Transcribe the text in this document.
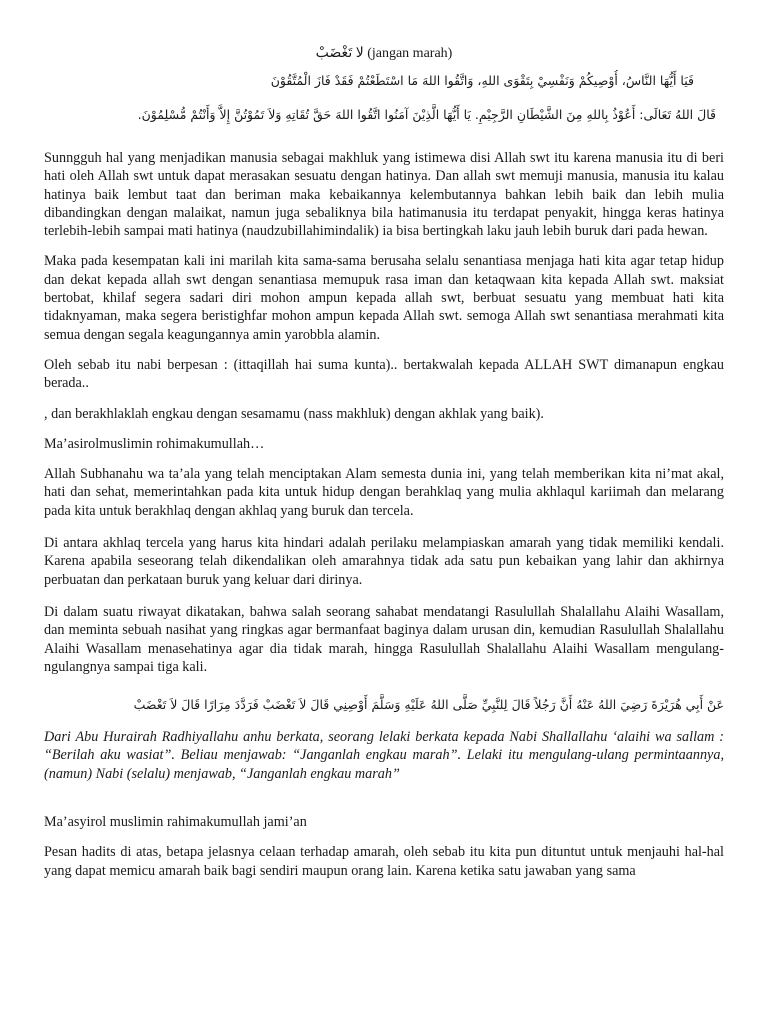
لا تَغْضَبْ (jangan marah)
فَيَا أَيُّهَا النَّاسُ، أُوْصِيكُمْ وَنَفْسِيْ بِتَقْوَى اللهِ، وَاتَّقُوا اللهَ مَا اسْتَطَعْتُمْ فَقَدْ فَازَ الْمُتَّقُوْنَ
قَالَ اللهُ تَعَالَى: أَعُوْذُ بِاللهِ مِنَ الشَّيْطَانِ الرَّجِيْمِ. يَا أَيُّهَا الَّذِيْنَ آمَنُوا اتَّقُوا اللهَ حَقَّ تُقَاتِهِ وَلاَ تَمُوْتُنَّ إِلاَّ وَأَنْتُمْ مُّسْلِمُوْنَ.

Sunngguh hal yang menjadikan manusia sebagai makhluk yang istimewa disi Allah swt itu karena manusia itu di beri hati oleh Allah swt untuk dapat merasakan sesuatu dengan hatinya. Dan allah swt memuji manusia, manusia itu kalau hatinya baik lembut taat dan beriman maka kebaikannya kelembutannya bahkan lebih baik dan lebih mulia dibandingkan dengan malaikat, namun juga sebaliknya bila hatimanusia itu terdapat penyakit, hingga keras hatinya terlebih-lebih sampai mati hatinya (naudzubillahimindalik) ia bisa bertingkah laku jauh lebih buruk dari pada hewan.

Maka pada kesempatan kali ini marilah kita sama-sama berusaha selalu senantiasa menjaga hati kita agar tetap hidup dan dekat kepada allah swt dengan senantiasa memupuk rasa iman dan ketaqwaan kita kepada Allah swt. maksiat bertobat, khilaf segera sadari diri mohon ampun kepada allah swt, berbuat sesuatu yang membuat hati kita tidaknyaman, maka segera beristighfar mohon ampun kepada Allah swt. semoga Allah swt senantiasa merahmati kita semua dengan segala keagungannya amin yarobbla alamin.

Oleh sebab itu nabi berpesan : (ittaqillah hai suma kunta).. bertakwalah kepada ALLAH SWT dimanapun engkau berada..

, dan berakhlaklah engkau dengan sesamamu (nass makhluk) dengan akhlak yang baik).

Ma’asirolmuslimin rohimakumullah…

Allah Subhanahu wa ta’ala yang telah menciptakan Alam semesta dunia ini, yang telah memberikan kita ni’mat akal, hati dan sehat, memerintahkan pada kita untuk hidup dengan berahklaq yang mulia akhlaqul kariimah dan melarang pada kita untuk berakhlaq dengan akhlaq yang buruk dan tercela.

Di antara akhlaq tercela yang harus kita hindari adalah perilaku melampiaskan amarah yang tidak memiliki kendali. Karena apabila seseorang telah dikendalikan oleh amarahnya tidak ada satu pun kebaikan yang lahir dan akhirnya perbuatan dan perkataan buruk yang keluar dari dirinya.

Di dalam suatu riwayat dikatakan, bahwa salah seorang sahabat mendatangi Rasulullah Shalallahu Alaihi Wasallam, dan meminta sebuah nasihat yang ringkas agar bermanfaat baginya dalam urusan din, kemudian Rasulullah Shalallahu Alaihi Wasallam menasehatinya agar dia tidak marah, hingga Rasulullah Shalallahu Alaihi Wasallam mengulang-ngulangnya sampai tiga kali.

عَنْ أَبِي هُرَيْرَةَ رَضِيَ اللهُ عَنْهُ أَنَّ رَجُلاً قَالَ لِلنَّبِيِّ صَلَّى اللهُ عَلَيْهِ وَسَلَّمَ أَوْصِنِي قَالَ لاَ تَغْضَبْ فَرَدَّدَ مِرَارًا قَالَ لاَ تَغْضَبْ

Dari Abu Hurairah Radhiyallahu anhu berkata, seorang lelaki berkata kepada Nabi Shallallahu ‘alaihi wa sallam : “Berilah aku wasiat”. Beliau menjawab: “Janganlah engkau marah”. Lelaki itu mengulang-ulang permintaannya, (namun) Nabi (selalu) menjawab, “Janganlah engkau marah”

Ma’asyirol muslimin rahimakumullah jami’an

Pesan hadits di atas, betapa jelasnya celaan terhadap amarah, oleh sebab itu kita pun dituntut untuk menjauhi hal-hal yang dapat memicu amarah baik bagi sendiri maupun orang lain. Karena ketika satu jawaban yang sama
